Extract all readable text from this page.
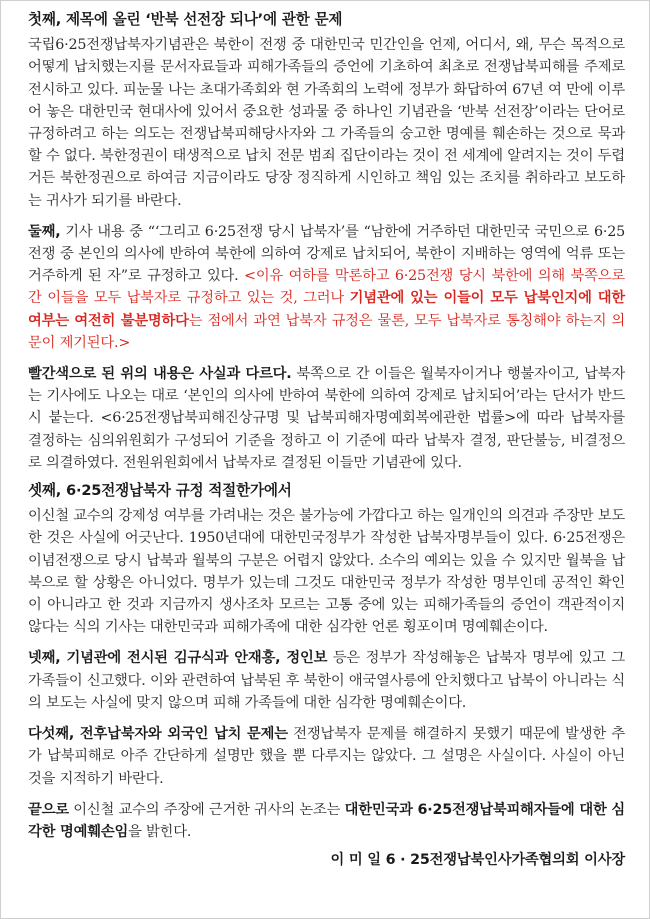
첫째, 제목에 올린 ‘반북 선전장 되나’에 관한 문제

국립6·25전쟁납북자기념관은 북한이 전쟁 중 대한민국 민간인을 언제, 어디서, 왜, 무슨 목적으로 어떻게 납치했는지를 문서자료들과 피해가족들의 증언에 기초하여 최초로 전쟁납북피해를 주제로 전시하고 있다. 피눈물 나는 초대가족회와 현 가족회의 노력에 정부가 화답하여 67년 여 만에 이루어 놓은 대한민국 현대사에 있어서 중요한 성과물 중 하나인 기념관을 ‘반북 선전장’이라는 단어로 규정하려고 하는 의도는 전쟁납북피해당사자와 그 가족들의 숭고한 명예를 훼손하는 것으로 묵과할 수 없다. 북한정권이 태생적으로 납치 전문 범죄 집단이라는 것이 전 세계에 알려지는 것이 두렵거든 북한정권으로 하여금 지금이라도 당장 정직하게 시인하고 책임 있는 조치를 취하라고 보도하는 귀사가 되기를 바란다.

둘째, 기사 내용 중 “‘그리고 6·25전쟁 당시 납북자’를 “남한에 거주하던 대한민국 국민으로 6·25전쟁 중 본인의 의사에 반하여 북한에 의하여 강제로 납치되어, 북한이 지배하는 영역에 억류 또는 거주하게 된 자”로 규정하고 있다. <이유 여하를 막론하고 6·25전쟁 당시 북한에 의해 북쪽으로 간 이들을 모두 납북자로 규정하고 있는 것, 그러나 기념관에 있는 이들이 모두 납북인지에 대한 여부는 여전히 불분명하다는 점에서 과연 납북자 규정은 물론, 모두 납북자로 통칭해야 하는지 의문이 제기된다.>

빨간색으로 된 위의 내용은 사실과 다르다. 북쪽으로 간 이들은 월북자이거나 행불자이고, 납북자는 기사에도 나오는 대로 ‘본인의 의사에 반하여 북한에 의하여 강제로 납치되어’라는 단서가 반드시 붙는다. <6·25전쟁납북피해진상규명 및 납북피해자명예회복에관한 법률>에 따라 납북자를 결정하는 심의위원회가 구성되어 기준을 정하고 이 기준에 따라 납북자 결정, 판단불능, 비결정으로 의결하였다. 전원위원회에서 납북자로 결정된 이들만 기념관에 있다.

셋째, 6·25전쟁납북자 규정 적절한가에서

이신철 교수의 강제성 여부를 가려내는 것은 불가능에 가깝다고 하는 일개인의 의견과 주장만 보도한 것은 사실에 어긋난다. 1950년대에 대한민국정부가 작성한 납북자명부들이 있다. 6·25전쟁은 이념전쟁으로 당시 납북과 월북의 구분은 어렵지 않았다. 소수의 예외는 있을 수 있지만 월북을 납북으로 할 상황은 아니었다. 명부가 있는데 그것도 대한민국 정부가 작성한 명부인데 공적인 확인이 아니라고 한 것과 지금까지 생사조차 모르는 고통 중에 있는 피해가족들의 증언이 객관적이지 않다는 식의 기사는 대한민국과 피해가족에 대한 심각한 언론 횡포이며 명예훼손이다.

넷째, 기념관에 전시된 김규식과 안재홍, 정인보 등은 정부가 작성해놓은 납북자 명부에 있고 그 가족들이 신고했다. 이와 관련하여 납북된 후 북한이 애국열사릉에 안치했다고 납북이 아니라는 식의 보도는 사실에 맞지 않으며 피해 가족들에 대한 심각한 명예훼손이다.

다섯째, 전후납북자와 외국인 납치 문제는 전쟁납북자 문제를 해결하지 못했기 때문에 발생한 추가 납북피해로 아주 간단하게 설명만 했을 뿐 다루지는 않았다. 그 설명은 사실이다. 사실이 아닌 것을 지적하기 바란다.

끝으로 이신철 교수의 주장에 근거한 귀사의 논조는 대한민국과 6·25전쟁납북피해자들에 대한 심각한 명예훼손임을 밝힌다.

이 미 일 6 · 25전쟁납북인사가족협의회 이사장
